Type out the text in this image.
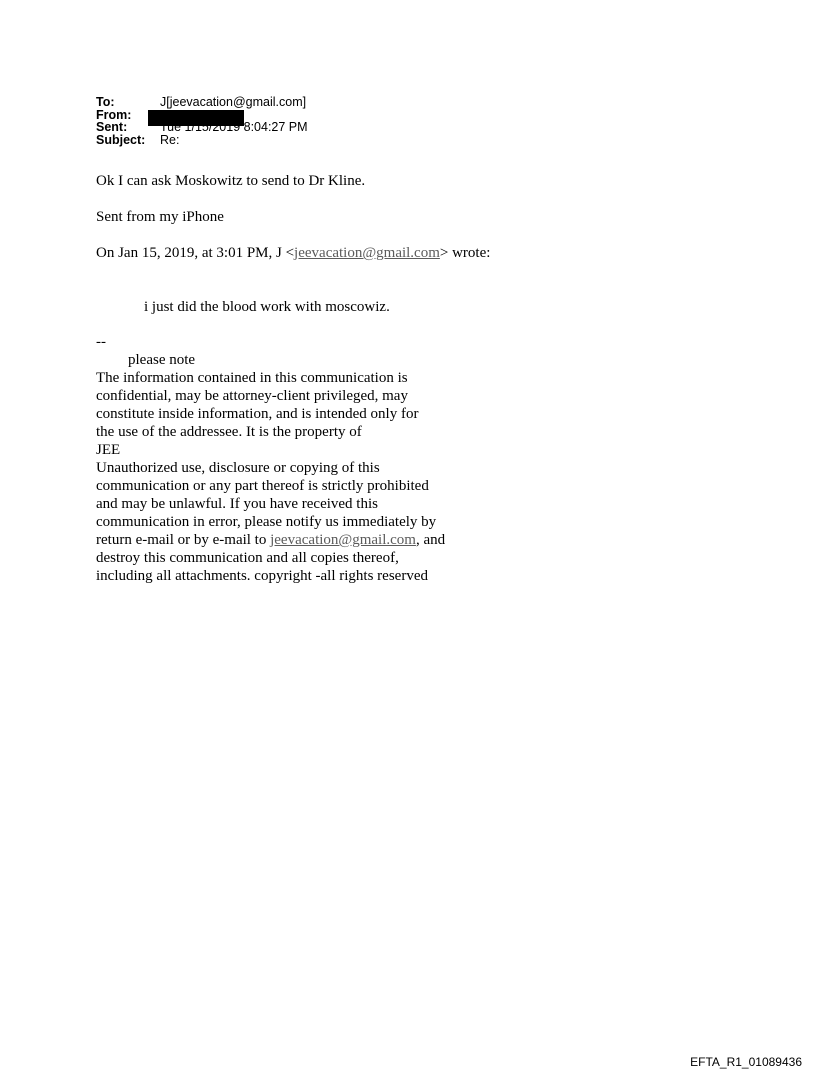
To:	J[jeevacation@gmail.com]
From:
Sent:	Tue 1/15/2019 8:04:27 PM
Subject: Re:

Ok I can ask Moskowitz to send to Dr Kline.

Sent from my iPhone

On Jan 15, 2019, at 3:01 PM, J <jeevacation@gmail.com> wrote:

i just did the blood work with moscowiz.

--
please note
The information contained in this communication is
confidential, may be attorney-client privileged, may
constitute inside information, and is intended only for
the use of the addressee. It is the property of
JEE
Unauthorized use, disclosure or copying of this
communication or any part thereof is strictly prohibited
and may be unlawful. If you have received this
communication in error, please notify us immediately by
return e-mail or by e-mail to jeevacation@gmail.com, and
destroy this communication and all copies thereof,
including all attachments. copyright -all rights reserved
EFTA_R1_01089436
